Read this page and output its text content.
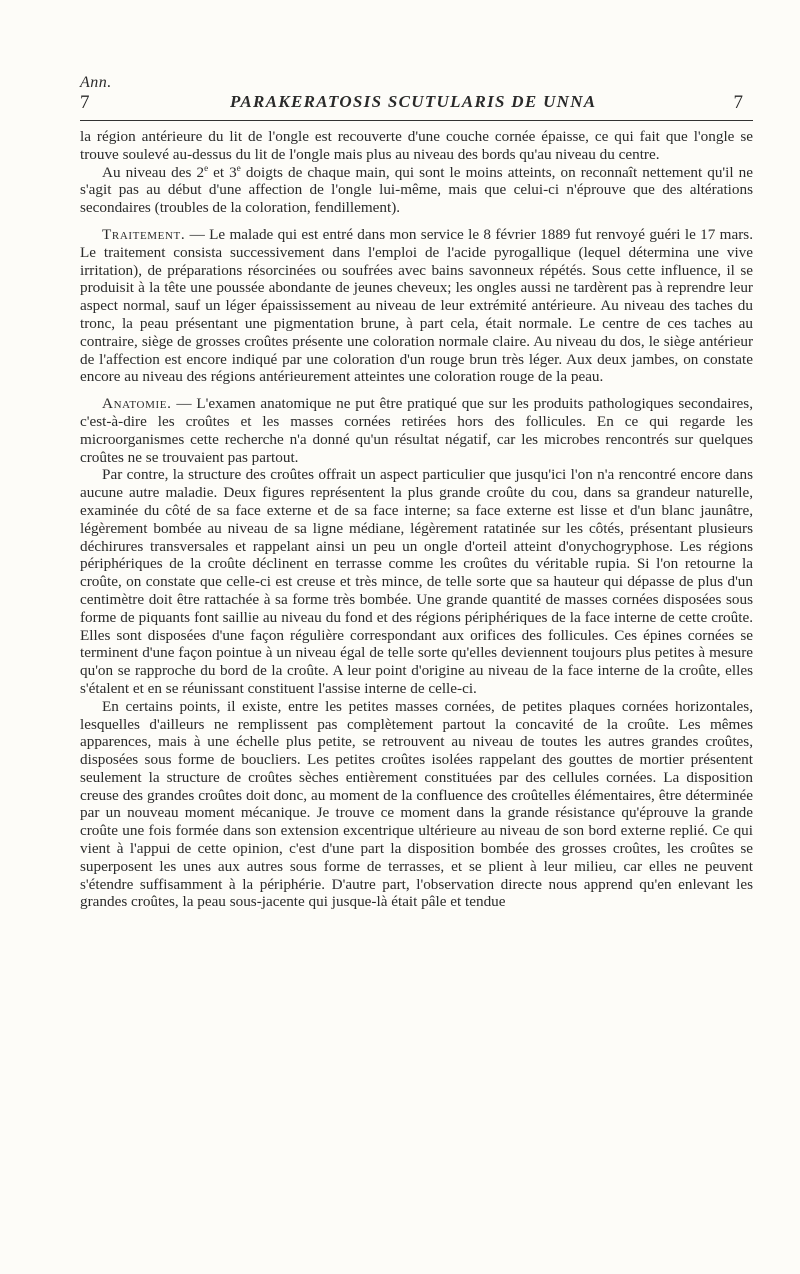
Ann.
7	PARAKERATOSIS SCUTULARIS DE UNNA	7

la région antérieure du lit de l'ongle est recouverte d'une couche cornée épaisse, ce qui fait que l'ongle se trouve soulevé au-dessus du lit de l'ongle mais plus au niveau des bords qu'au niveau du centre.

Au niveau des 2e et 3e doigts de chaque main, qui sont le moins atteints, on reconnaît nettement qu'il ne s'agit pas au début d'une affection de l'ongle lui-même, mais que celui-ci n'éprouve que des altérations secondaires (troubles de la coloration, fendillement).

Traitement. — Le malade qui est entré dans mon service le 8 février 1889 fut renvoyé guéri le 17 mars. Le traitement consista successivement dans l'emploi de l'acide pyrogallique (lequel détermina une vive irritation), de préparations résorcinées ou soufrées avec bains savonneux répétés. Sous cette influence, il se produisit à la tête une poussée abondante de jeunes cheveux; les ongles aussi ne tardèrent pas à reprendre leur aspect normal, sauf un léger épaississement au niveau de leur extrémité antérieure. Au niveau des taches du tronc, la peau présentant une pigmentation brune, à part cela, était normale. Le centre de ces taches au contraire, siège de grosses croûtes présente une coloration normale claire. Au niveau du dos, le siège antérieur de l'affection est encore indiqué par une coloration d'un rouge brun très léger. Aux deux jambes, on constate encore au niveau des régions antérieurement atteintes une coloration rouge de la peau.

Anatomie. — L'examen anatomique ne put être pratiqué que sur les produits pathologiques secondaires, c'est-à-dire les croûtes et les masses cornées retirées hors des follicules. En ce qui regarde les microorganismes cette recherche n'a donné qu'un résultat négatif, car les microbes rencontrés sur quelques croûtes ne se trouvaient pas partout.

Par contre, la structure des croûtes offrait un aspect particulier que jusqu'ici l'on n'a rencontré encore dans aucune autre maladie. Deux figures représentent la plus grande croûte du cou, dans sa grandeur naturelle, examinée du côté de sa face externe et de sa face interne; sa face externe est lisse et d'un blanc jaunâtre, légèrement bombée au niveau de sa ligne médiane, légèrement ratatinée sur les côtés, présentant plusieurs déchirures transversales et rappelant ainsi un peu un ongle d'orteil atteint d'onychogryphose. Les régions périphériques de la croûte déclinent en terrasse comme les croûtes du véritable rupia. Si l'on retourne la croûte, on constate que celle-ci est creuse et très mince, de telle sorte que sa hauteur qui dépasse de plus d'un centimètre doit être rattachée à sa forme très bombée. Une grande quantité de masses cornées disposées sous forme de piquants font saillie au niveau du fond et des régions périphériques de la face interne de cette croûte. Elles sont disposées d'une façon régulière correspondant aux orifices des follicules. Ces épines cornées se terminent d'une façon pointue à un niveau égal de telle sorte qu'elles deviennent toujours plus petites à mesure qu'on se rapproche du bord de la croûte. A leur point d'origine au niveau de la face interne de la croûte, elles s'étalent et en se réunissant constituent l'assise interne de celle-ci.

En certains points, il existe, entre les petites masses cornées, de petites plaques cornées horizontales, lesquelles d'ailleurs ne remplissent pas complètement partout la concavité de la croûte. Les mêmes apparences, mais à une échelle plus petite, se retrouvent au niveau de toutes les autres grandes croûtes, disposées sous forme de boucliers. Les petites croûtes isolées rappelant des gouttes de mortier présentent seulement la structure de croûtes sèches entièrement constituées par des cellules cornées. La disposition creuse des grandes croûtes doit donc, au moment de la confluence des croûtelles élémentaires, être déterminée par un nouveau moment mécanique. Je trouve ce moment dans la grande résistance qu'éprouve la grande croûte une fois formée dans son extension excentrique ultérieure au niveau de son bord externe replié. Ce qui vient à l'appui de cette opinion, c'est d'une part la disposition bombée des grosses croûtes, les croûtes se superposent les unes aux autres sous forme de terrasses, et se plient à leur milieu, car elles ne peuvent s'étendre suffisamment à la périphérie. D'autre part, l'observation directe nous apprend qu'en enlevant les grandes croûtes, la peau sous-jacente qui jusque-là était pâle et tendue
